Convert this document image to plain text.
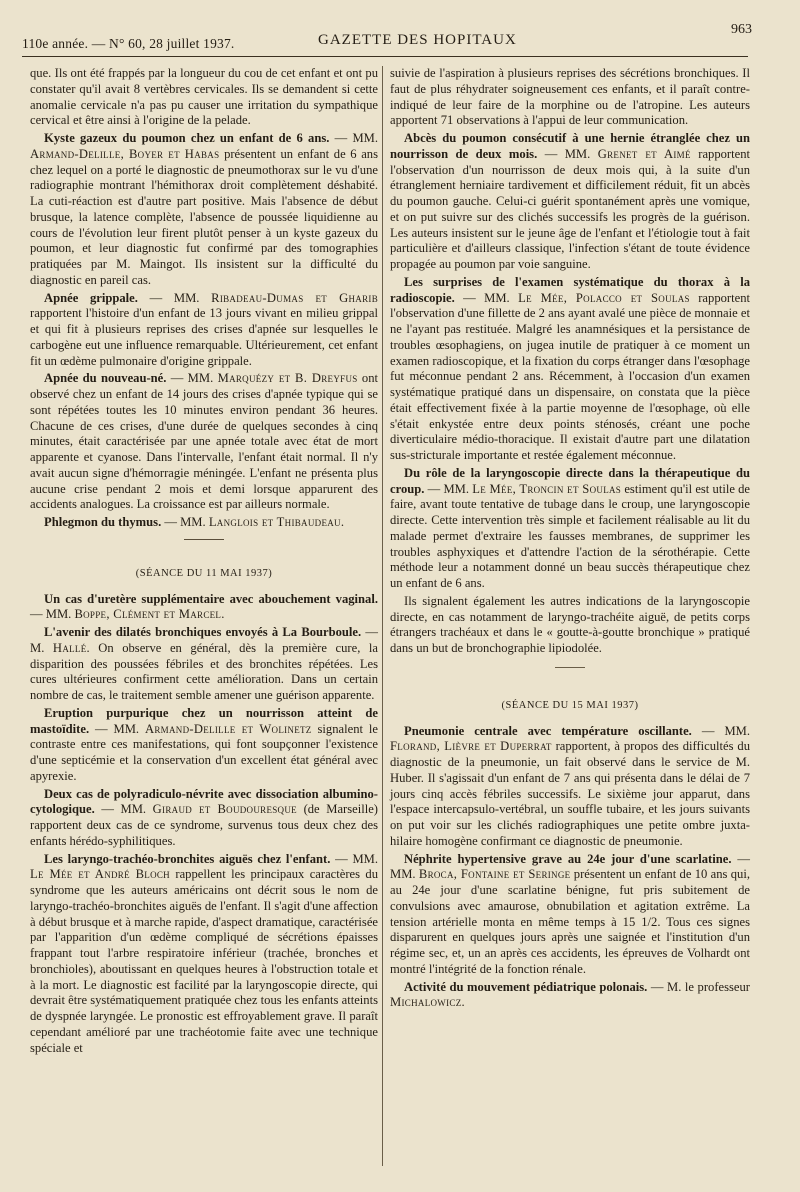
110e année. — N° 60, 28 juillet 1937.	GAZETTE DES HOPITAUX
963

que. Ils ont été frappés par la longueur du cou de cet enfant et ont pu constater qu'il avait 8 vertèbres cervicales. Ils se demandent si cette anomalie cervicale n'a pas pu causer une irritation du sympathique cervical et être ainsi à l'origine de la pelade.

Kyste gazeux du poumon chez un enfant de 6 ans. — MM. Armand-Delille, Boyer et Habas présentent un enfant de 6 ans chez lequel on a porté le diagnostic de pneumothorax sur le vu d'une radiographie montrant l'hémithorax droit complètement déshabité. La cuti-réaction est d'autre part positive. Mais l'absence de début brusque, la latence complète, l'absence de poussée liquidienne au cours de l'évolution leur firent plutôt penser à un kyste gazeux du poumon, et leur diagnostic fut confirmé par des tomographies pratiquées par M. Maingot. Ils insistent sur la difficulté du diagnostic en pareil cas.

Apnée grippale. — MM. Ribadeau-Dumas et Gharib rapportent l'histoire d'un enfant de 13 jours vivant en milieu grippal et qui fit à plusieurs reprises des crises d'apnée sur lesquelles le carbogène eut une influence remarquable. Ultérieurement, cet enfant fit un œdème pulmonaire d'origine grippale.

Apnée du nouveau-né. — MM. Marquézy et B. Dreyfus ont observé chez un enfant de 14 jours des crises d'apnée typique qui se sont répétées toutes les 10 minutes environ pendant 36 heures. Chacune de ces crises, d'une durée de quelques secondes à cinq minutes, était caractérisée par une apnée totale avec état de mort apparente et cyanose. Dans l'intervalle, l'enfant était normal. Il n'y avait aucun signe d'hémorragie méningée. L'enfant ne présenta plus aucune crise pendant 2 mois et demi lorsque apparurent des accidents analogues. La croissance est par ailleurs normale.

Phlegmon du thymus. — MM. Langlois et Thibaudeau.

(SÉANCE DU 11 MAI 1937)

Un cas d'uretère supplémentaire avec abouchement vaginal. — MM. Boppe, Clément et Marcel.

L'avenir des dilatés bronchiques envoyés à La Bourboule. — M. Hallé. On observe en général, dès la première cure, la disparition des poussées fébriles et des bronchites répétées. Les cures ultérieures confirment cette amélioration. Dans un certain nombre de cas, le traitement semble amener une guérison apparente.

Eruption purpurique chez un nourrisson atteint de mastoïdite. — MM. Armand-Delille et Wolinetz signalent le contraste entre ces manifestations, qui font soupçonner l'existence d'une septicémie et la conservation d'un excellent état général avec apyrexie.

Deux cas de polyradiculo-névrite avec dissociation albumino-cytologique. — MM. Giraud et Boudouresque (de Marseille) rapportent deux cas de ce syndrome, survenus tous deux chez des enfants hérédo-syphilitiques.

Les laryngo-trachéo-bronchites aiguës chez l'enfant. — MM. Le Mée et André Bloch rappellent les principaux caractères du syndrome que les auteurs américains ont décrit sous le nom de laryngo-trachéo-bronchites aiguës de l'enfant. Il s'agit d'une affection à début brusque et à marche rapide, d'aspect dramatique, caractérisée par l'apparition d'un œdème compliqué de sécrétions épaisses frappant tout l'arbre respiratoire inférieur (trachée, bronches et bronchioles), aboutissant en quelques heures à l'obstruction totale et à la mort. Le diagnostic est facilité par la laryngoscopie directe, qui devrait être systématiquement pratiquée chez tous les enfants atteints de dyspnée laryngée. Le pronostic est effroyablement grave. Il paraît cependant amélioré par une trachéotomie faite avec une technique spéciale et

suivie de l'aspiration à plusieurs reprises des sécrétions bronchiques. Il faut de plus réhydrater soigneusement ces enfants, et il paraît contre-indiqué de leur faire de la morphine ou de l'atropine. Les auteurs apportent 71 observations à l'appui de leur communication.

Abcès du poumon consécutif à une hernie étranglée chez un nourrisson de deux mois. — MM. Grenet et Aimé rapportent l'observation d'un nourrisson de deux mois qui, à la suite d'un étranglement herniaire tardivement et difficilement réduit, fit un abcès du poumon gauche. Celui-ci guérit spontanément après une vomique, et on put suivre sur des clichés successifs les progrès de la guérison. Les auteurs insistent sur le jeune âge de l'enfant et l'étiologie tout à fait particulière et d'ailleurs classique, l'infection s'étant de toute évidence propagée au poumon par voie sanguine.

Les surprises de l'examen systématique du thorax à la radioscopie. — MM. Le Mée, Polacco et Soulas rapportent l'observation d'une fillette de 2 ans ayant avalé une pièce de monnaie et ne l'ayant pas restituée. Malgré les anamnésiques et la persistance de troubles œsophagiens, on jugea inutile de pratiquer à ce moment un examen radioscopique, et la fixation du corps étranger dans l'œsophage fut méconnue pendant 2 ans. Récemment, à l'occasion d'un examen systématique pratiqué dans un dispensaire, on constata que la pièce était effectivement fixée à la partie moyenne de l'œsophage, où elle s'était enkystée entre deux points sténosés, créant une poche diverticulaire médio-thoracique. Il existait d'autre part une dilatation sus-stricturale importante et restée également méconnue.

Du rôle de la laryngoscopie directe dans la thérapeutique du croup. — MM. Le Mée, Troncin et Soulas estiment qu'il est utile de faire, avant toute tentative de tubage dans le croup, une laryngoscopie directe. Cette intervention très simple et facilement réalisable au lit du malade permet d'extraire les fausses membranes, de supprimer les troubles asphyxiques et d'attendre l'action de la sérothérapie. Cette méthode leur a notamment donné un beau succès thérapeutique chez un enfant de 6 ans.

Ils signalent également les autres indications de la laryngoscopie directe, en cas notamment de laryngo-trachéite aiguë, de petits corps étrangers trachéaux et dans le « goutte-à-goutte bronchique » pratiqué dans un but de bronchographie lipiodolée.

(SÉANCE DU 15 MAI 1937)

Pneumonie centrale avec température oscillante. — MM. Florand, Lièvre et Duperrat rapportent, à propos des difficultés du diagnostic de la pneumonie, un fait observé dans le service de M. Huber. Il s'agissait d'un enfant de 7 ans qui présenta dans le délai de 7 jours cinq accès fébriles successifs. Le sixième jour apparut, dans l'espace intercapsulo-vertébral, un souffle tubaire, et les jours suivants on put voir sur les clichés radiographiques une petite ombre juxta-hilaire homogène confirmant ce diagnostic de pneumonie.

Néphrite hypertensive grave au 24e jour d'une scarlatine. — MM. Broca, Fontaine et Seringe présentent un enfant de 10 ans qui, au 24e jour d'une scarlatine bénigne, fut pris subitement de convulsions avec amaurose, obnubilation et agitation extrême. La tension artérielle monta en même temps à 15 1/2. Tous ces signes disparurent en quelques jours après une saignée et l'institution d'un régime sec, et, un an après ces accidents, les épreuves de Volhardt ont montré l'intégrité de la fonction rénale.

Activité du mouvement pédiatrique polonais. — M. le professeur Michalowicz.
